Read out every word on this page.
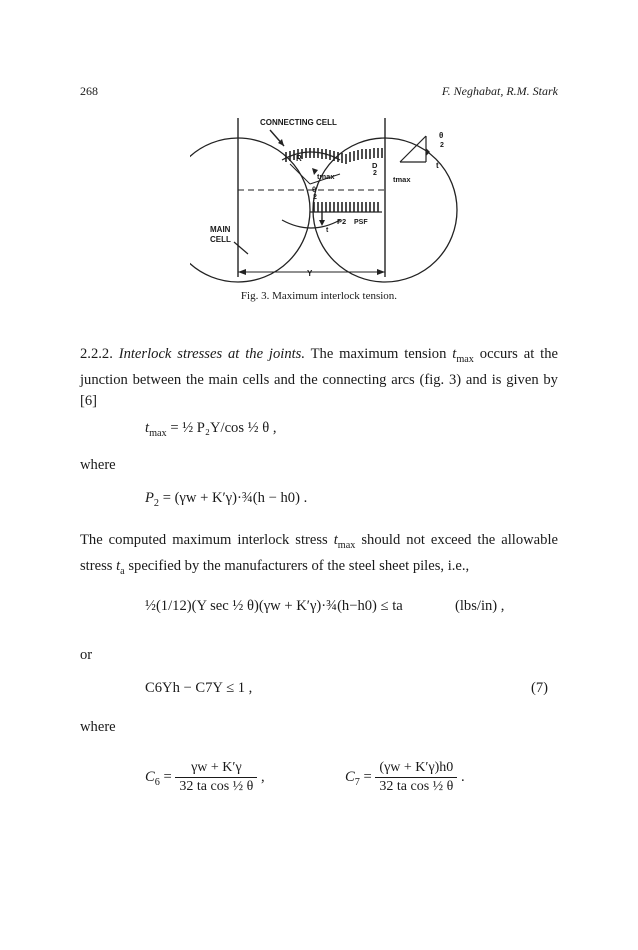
268	F. Neghabat, R.M. Stark
CONNECTING CELL
R
tmax
θ
2
D
2
tmax
θ
2
t
P2 PSF
t
MAIN
CELL
Y
Fig. 3. Maximum interlock tension.
2.2.2. Interlock stresses at the joints. The maximum tension $t_{max}$ occurs at the junction between the main cells and the connecting arcs (fig. 3) and is given by [6]
$t_{max}$ = ½ P₂Y/cos ½ θ ,
where
$P_2 = (\gamma w$ + K′γ)·¾(h − h0) .
The computed maximum interlock stress $t_{max}$ should not exceed the allowable stress $t_a$ specified by the manufacturers of the steel sheet piles, i.e.,
½(1/12)(Y sec ½ θ)(γw + K′γ)·¾(h−h0) ≤ ta	(lbs/in) ,
or
C6Yh − C7Y ≤ 1 ,	(7)
where
$C_6 = \frac{\gamma w + K'\gamma}{\text{32 ta cos ½ θ}}$ ,	$C_7 = \frac{(\gamma w + K'\gamma)h0}{\text{32 ta cos ½ θ}}$ .
